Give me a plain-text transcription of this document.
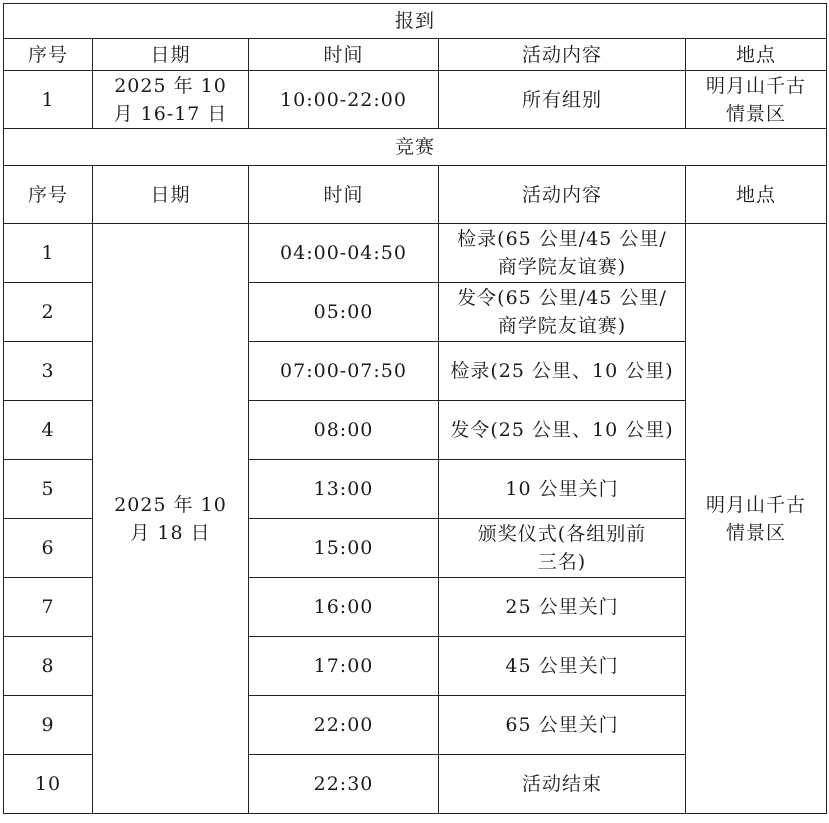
报到				
序号	日期	时间	活动内容	地点
1	2025 年 10 月 16-17 日	10:00-22:00	所有组别	明月山千古情景区
竞赛				
序号	日期	时间	活动内容	地点
1	2025 年 10 月 18 日	04:00-04:50	检录(65 公里/45 公里/商学院友谊赛)	明月山千古情景区
2		05:00	发令(65 公里/45 公里/商学院友谊赛)	
3		07:00-07:50	检录(25 公里、10 公里)	
4		08:00	发令(25 公里、10 公里)	
5		13:00	10 公里关门	
6		15:00	颁奖仪式(各组别前三名)	
7		16:00	25 公里关门	
8		17:00	45 公里关门	
9		22:00	65 公里关门	
10		22:30	活动结束	
